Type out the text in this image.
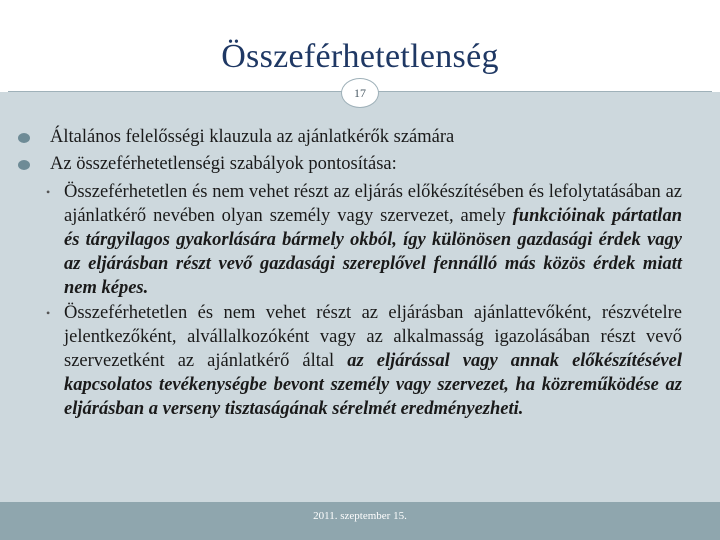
Összeférhetetlenség
Általános felelősségi klauzula az ajánlatkérők számára
Az összeférhetetlenségi szabályok pontosítása:
• Összeférhetetlen és nem vehet részt az eljárás előkészítésében és lefolytatásában az ajánlatkérő nevében olyan személy vagy szervezet, amely funkcióinak pártatlan és tárgyilagos gyakorlására bármely okból, így különösen gazdasági érdek vagy az eljárásban részt vevő gazdasági szereplővel fennálló más közös érdek miatt nem képes.
• Összeférhetetlen és nem vehet részt az eljárásban ajánlattevőként, részvételre jelentkezőként, alvállalkozóként vagy az alkalmasság igazolásában részt vevő szervezetként az ajánlatkérő által az eljárással vagy annak előkészítésével kapcsolatos tevékenységbe bevont személy vagy szervezet, ha közreműködése az eljárásban a verseny tisztaságának sérelmét eredményezheti.
17
2011. szeptember 15.
